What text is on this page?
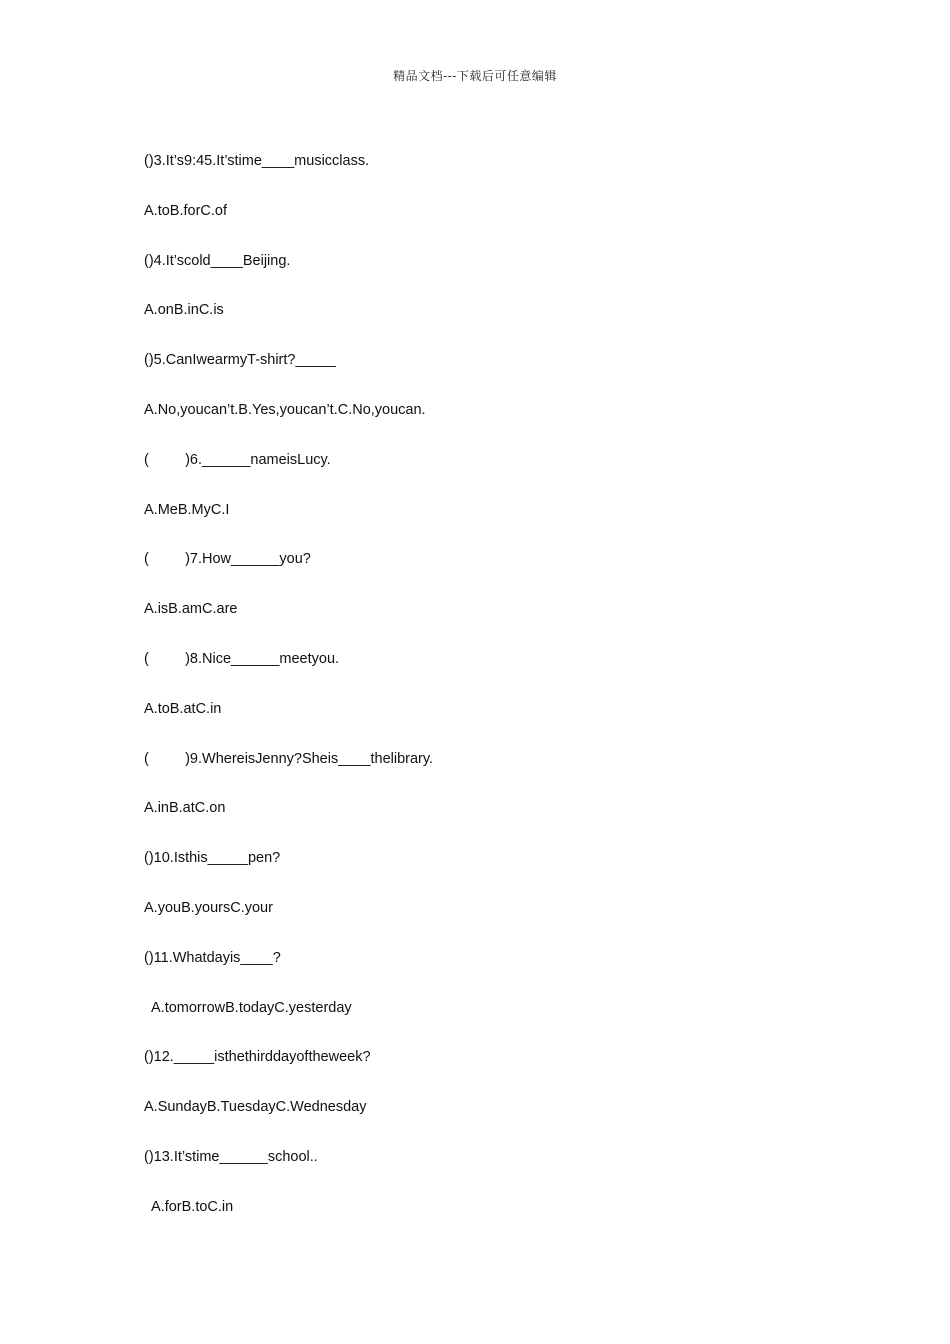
精品文档---下载后可任意编辑
()3.It’s9:45.It’stime____musicclass.
A.toB.forC.of
()4.It’scold____Beijing.
A.onB.inC.is
()5.CanIwearmyT-shirt?_____
A.No,youcan’t.B.Yes,youcan’t.C.No,youcan.
(         )6.______nameisLucy.
A.MeB.MyC.I
(         )7.How______you?
A.isB.amC.are
(         )8.Nice______meetyou.
A.toB.atC.in
(         )9.WhereisJenny?Sheis____thelibrary.
A.inB.atC.on
()10.Isthis_____pen?
A.youB.yoursC.your
()11.Whatdayis____?
A.tomorrowB.todayC.yesterday
()12._____isthethirddayoftheweek?
A.SundayB.TuesdayC.Wednesday
()13.It’stime______school..
A.forB.toC.in
